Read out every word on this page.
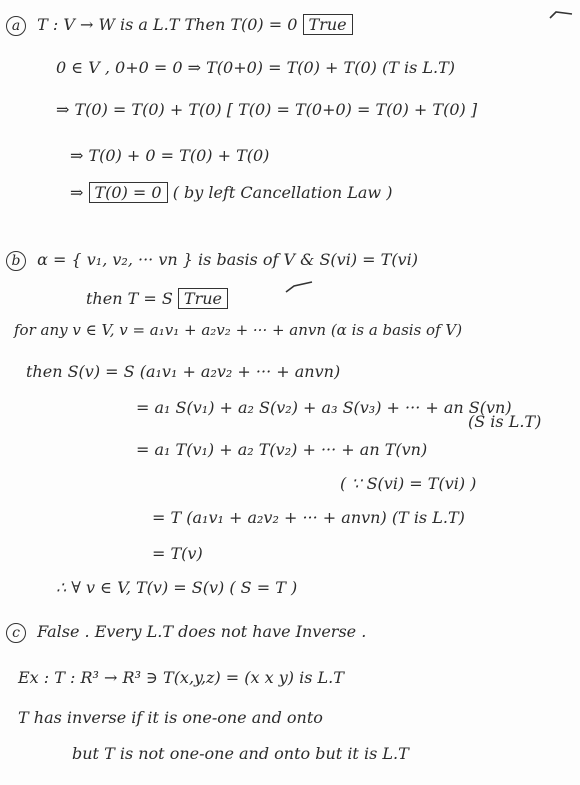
a T : V → W is a L.T Then T(0) = 0 True
0 ∈ V , 0+0 = 0 ⇒ T(0+0) = T(0) + T(0) (T is L.T)
⇒ T(0) = T(0) + T(0) [ T(0) = T(0+0) = T(0) + T(0) ]
⇒ T(0) + 0 = T(0) + T(0)
⇒ T(0) = 0 ( by left Cancellation Law )
b α = { v₁, v₂, ··· vn } is basis of V & S(vi) = T(vi)
then T = S True
for any v ∈ V, v = a₁v₁ + a₂v₂ + ··· + anvn (α is a basis of V)
then S(v) = S (a₁v₁ + a₂v₂ + ··· + anvn)
= a₁ S(v₁) + a₂ S(v₂) + a₃ S(v₃) + ··· + an S(vn)
(S is L.T)
= a₁ T(v₁) + a₂ T(v₂) + ··· + an T(vn)
( ∵ S(vi) = T(vi) )
= T (a₁v₁ + a₂v₂ + ··· + anvn) (T is L.T)
= T(v)
∴ ∀ v ∈ V, T(v) = S(v) ( S = T )
c False . Every L.T does not have Inverse .
Ex : T : R³ → R³ ∋ T(x,y,z) = (x x y) is L.T
T has inverse if it is one-one and onto
but T is not one-one and onto but it is L.T
